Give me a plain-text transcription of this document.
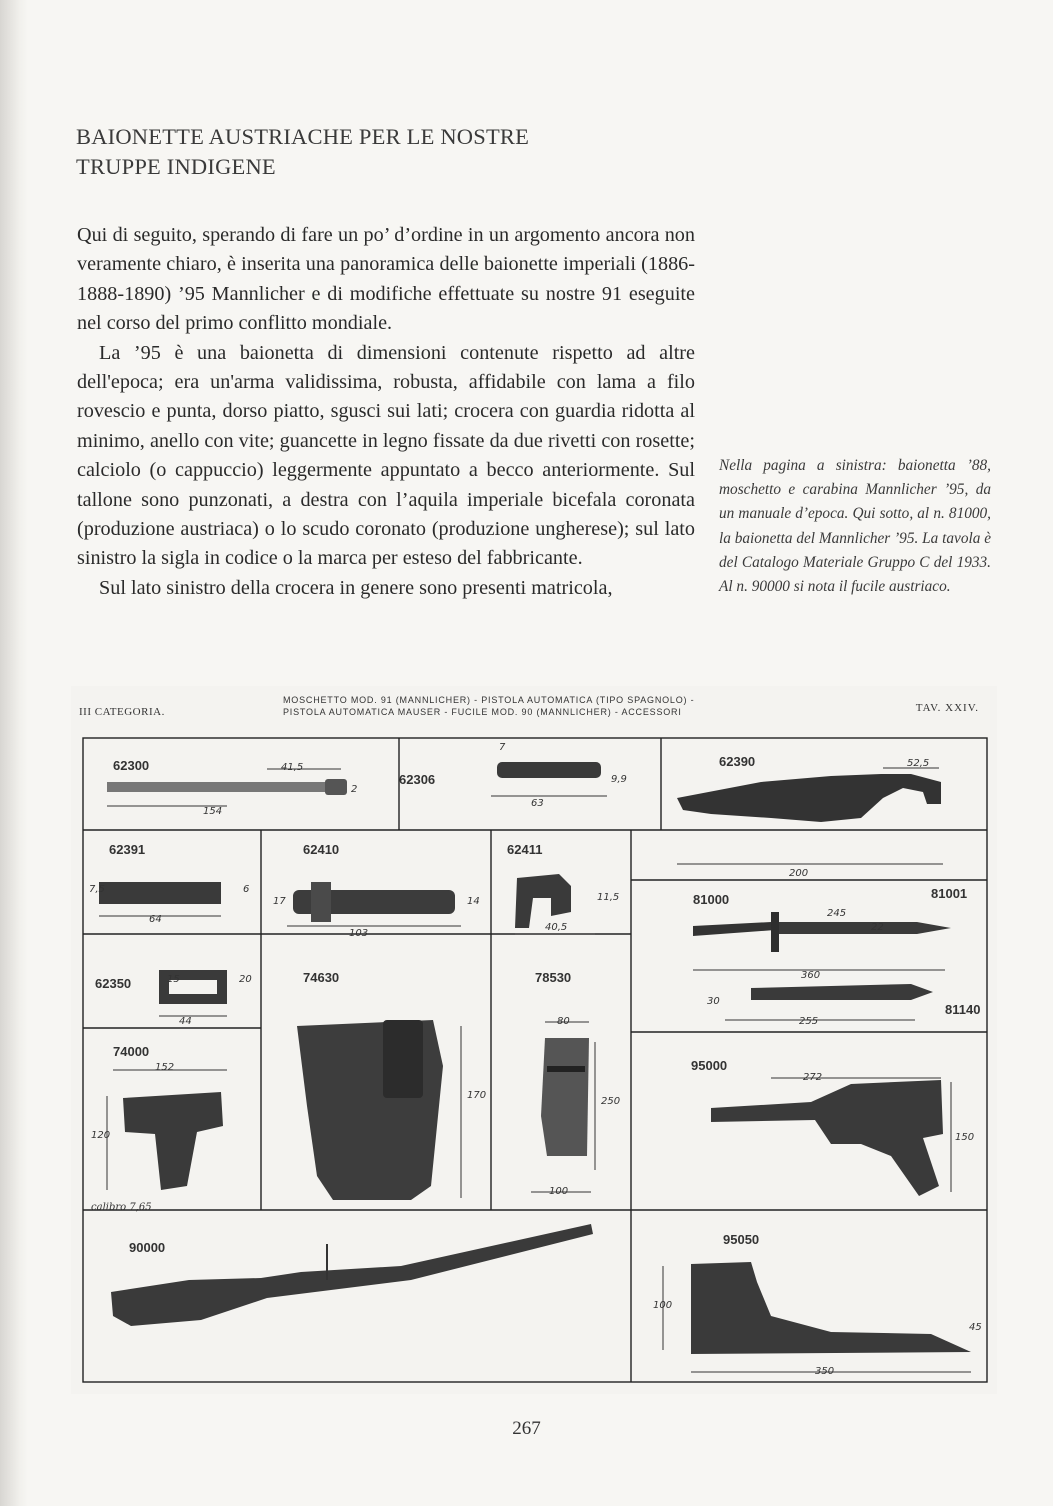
BAIONETTE AUSTRIACHE PER LE NOSTRE
TRUPPE INDIGENE

Qui di seguito, sperando di fare un po’ d’ordine in un argomento ancora non veramente chiaro, è inserita una panoramica delle baionette imperiali (1886-1888-1890) ’95 Mannlicher e di modifiche effettuate su nostre 91 eseguite nel corso del primo conflitto mondiale.

La ’95 è una baionetta di dimensioni contenute rispetto ad altre dell'epoca; era un'arma validissima, robusta, affidabile con lama a filo rovescio e punta, dorso piatto, sgusci sui lati; crocera con guardia ridotta al minimo, anello con vite; guancette in legno fissate da due rivetti con rosette; calciolo (o cappuccio) leggermente appuntato a becco anteriormente. Sul tallone sono punzonati, a destra con l’aquila imperiale bicefala coronata (produzione austriaca) o lo scudo coronato (produzione ungherese); sul lato sinistro la sigla in codice o la marca per esteso del fabbricante.

Sul lato sinistro della crocera in genere sono presenti matricola,

Nella pagina a sinistra: baionetta ’88, moschetto e carabina Mannlicher ’95, da un manuale d’epoca. Qui sotto, al n. 81000, la baionetta del Mannlicher ’95. La tavola è del Catalogo Materiale Gruppo C del 1933. Al n. 90000 si nota il fucile austriaco.
III CATEGORIA.
MOSCHETTO MOD. 91 (MANNLICHER) - PISTOLA AUTOMATICA (TIPO SPAGNOLO) -
PISTOLA AUTOMATICA MAUSER - FUCILE MOD. 90 (MANNLICHER) - ACCESSORI	TAV. XXIV.
62300
62306
62390
62391	62410	62411
81000	81001
81140
62350	74630	78530
74000
95000
90000
95050
41,5
154
2
7
9,9
63
52,5
200
7,5	6
64
17
103
14	11,5
40,5
245
22
360
30
255
15	20
44
170
80
250
100
152
120
272
150
100
45
350
calibro 7,65
267
